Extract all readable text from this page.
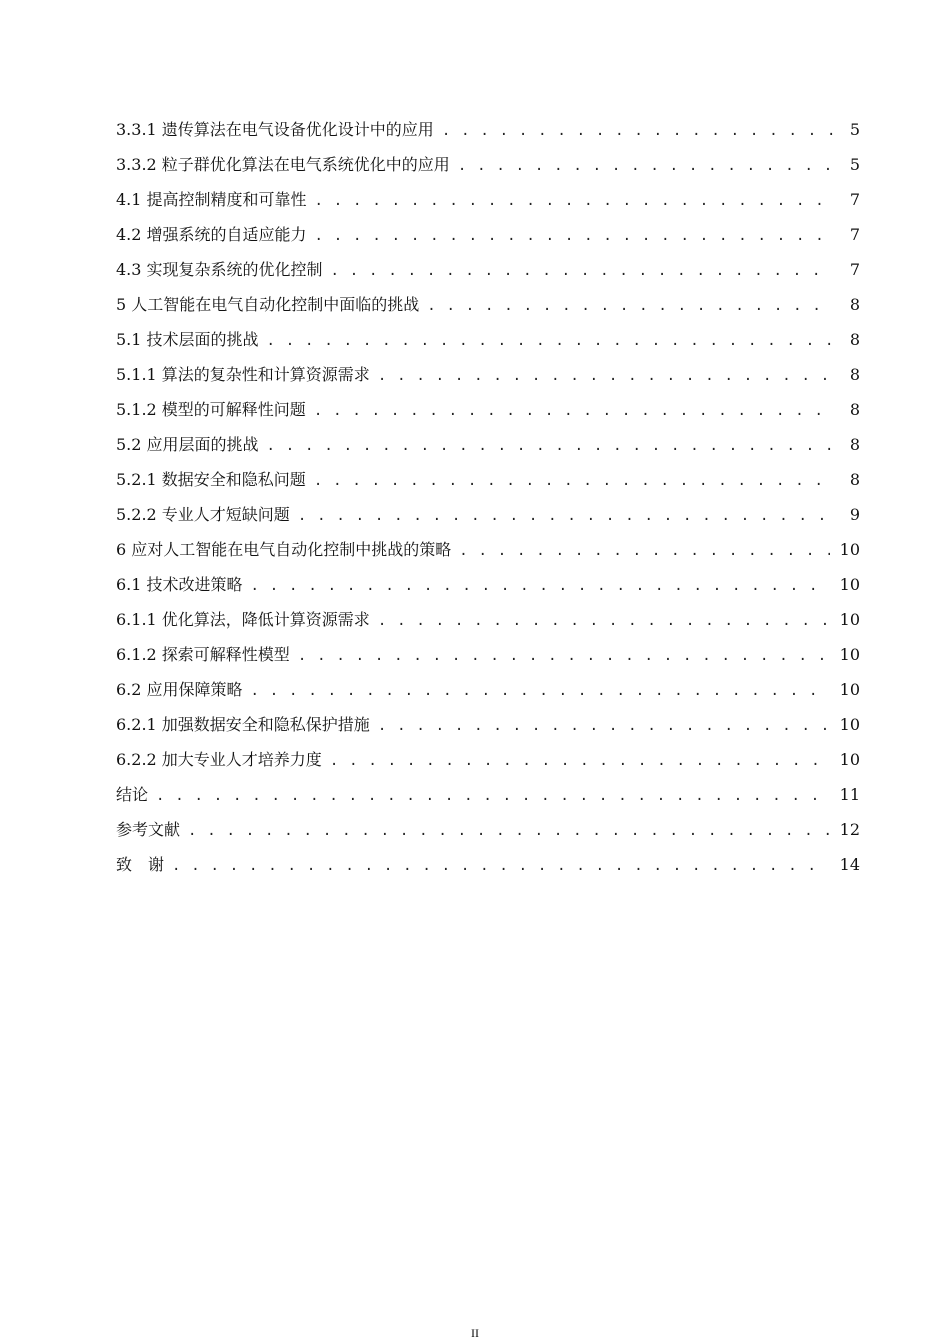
3.3.1 遗传算法在电气设备优化设计中的应用 . . .	5
3.3.2 粒子群优化算法在电气系统优化中的应用 . . .	5
4.1 提高控制精度和可靠性 . . .	7
4.2 增强系统的自适应能力 . . .	7
4.3 实现复杂系统的优化控制 . . .	7
5 人工智能在电气自动化控制中面临的挑战 . . .	8
5.1 技术层面的挑战 . . .	8
5.1.1 算法的复杂性和计算资源需求 . . .	8
5.1.2 模型的可解释性问题 . . .	8
5.2 应用层面的挑战 . . .	8
5.2.1 数据安全和隐私问题 . . .	8
5.2.2 专业人才短缺问题 . . .	9
6 应对人工智能在电气自动化控制中挑战的策略 . . .	10
6.1 技术改进策略 . . .	10
6.1.1 优化算法，降低计算资源需求 . . .	10
6.1.2 探索可解释性模型 . . .	10
6.2 应用保障策略 . . .	10
6.2.1 加强数据安全和隐私保护措施 . . .	10
6.2.2 加大专业人才培养力度 . . .	10
结论 . . .	11
参考文献 . . .	12
致　谢 . . .	14
II
